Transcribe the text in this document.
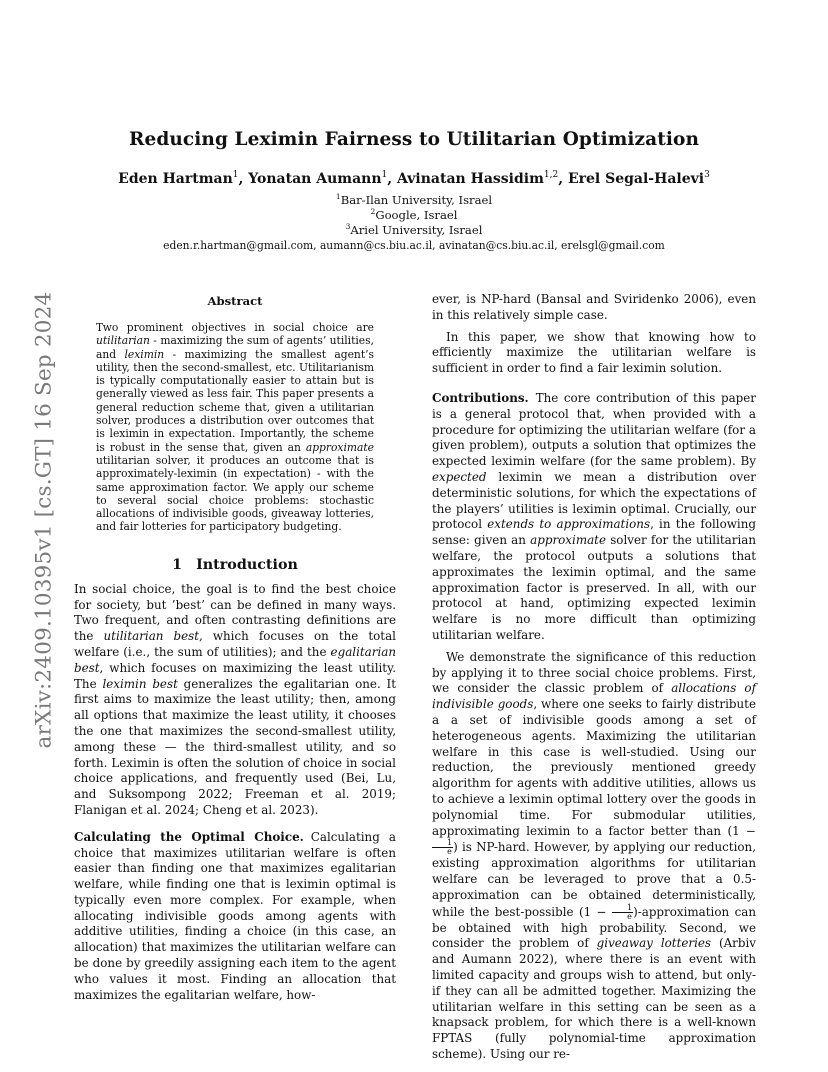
arXiv:2409.10395v1 [cs.GT] 16 Sep 2024
Reducing Leximin Fairness to Utilitarian Optimization
Eden Hartman$^1$, Yonatan Aumann$^1$, Avinatan Hassidim$^{1,2}$, Erel Segal-Halevi$^3$
$^1$Bar-Ilan University, Israel
$^2$Google, Israel
$^3$Ariel University, Israel
eden.r.hartman@gmail.com, aumann@cs.biu.ac.il, avinatan@cs.biu.ac.il, erelsgl@gmail.com
Abstract

Two prominent objectives in social choice are utilitarian - maximizing the sum of agents’ utilities, and leximin - maximizing the smallest agent’s utility, then the second-smallest, etc. Utilitarianism is typically computationally easier to attain but is generally viewed as less fair. This paper presents a general reduction scheme that, given a utilitarian solver, produces a distribution over outcomes that is leximin in expectation. Importantly, the scheme is robust in the sense that, given an approximate utilitarian solver, it produces an outcome that is approximately-leximin (in expectation) - with the same approximation factor. We apply our scheme to several social choice problems: stochastic allocations of indivisible goods, giveaway lotteries, and fair lotteries for participatory budgeting.

1 Introduction

In social choice, the goal is to find the best choice for society, but ’best’ can be defined in many ways. Two frequent, and often contrasting definitions are the utilitarian best, which focuses on the total welfare (i.e., the sum of utilities); and the egalitarian best, which focuses on maximizing the least utility. The leximin best generalizes the egalitarian one. It first aims to maximize the least utility; then, among all options that maximize the least utility, it chooses the one that maximizes the second-smallest utility, among these — the third-smallest utility, and so forth. Leximin is often the solution of choice in social choice applications, and frequently used (Bei, Lu, and Suksompong 2022; Freeman et al. 2019; Flanigan et al. 2024; Cheng et al. 2023).

Calculating the Optimal Choice. Calculating a choice that maximizes utilitarian welfare is often easier than finding one that maximizes egalitarian welfare, while finding one that is leximin optimal is typically even more complex. For example, when allocating indivisible goods among agents with additive utilities, finding a choice (in this case, an allocation) that maximizes the utilitarian welfare can be done by greedily assigning each item to the agent who values it most. Finding an allocation that maximizes the egalitarian welfare, how-

ever, is NP-hard (Bansal and Sviridenko 2006), even in this relatively simple case.

In this paper, we show that knowing how to efficiently maximize the utilitarian welfare is sufficient in order to find a fair leximin solution.

Contributions. The core contribution of this paper is a general protocol that, when provided with a procedure for optimizing the utilitarian welfare (for a given problem), outputs a solution that optimizes the expected leximin welfare (for the same problem). By expected leximin we mean a distribution over deterministic solutions, for which the expectations of the players’ utilities is leximin optimal. Crucially, our protocol extends to approximations, in the following sense: given an approximate solver for the utilitarian welfare, the protocol outputs a solutions that approximates the leximin optimal, and the same approximation factor is preserved. In all, with our protocol at hand, optimizing expected leximin welfare is no more difficult than optimizing utilitarian welfare.

We demonstrate the significance of this reduction by applying it to three social choice problems. First, we consider the classic problem of allocations of indivisible goods, where one seeks to fairly distribute a a set of indivisible goods among a set of heterogeneous agents. Maximizing the utilitarian welfare in this case is well-studied. Using our reduction, the previously mentioned greedy algorithm for agents with additive utilities, allows us to achieve a leximin optimal lottery over the goods in polynomial time. For submodular utilities, approximating leximin to a factor better than (1 −
$\frac{1}{e}$ ) is NP-hard. However, by applying our reduction, existing approximation algorithms for utilitarian welfare can be leveraged to prove that a 0.5-approximation can be obtained deterministically, while the best-possible ($1 - \frac{1}{e}$ )-approximation can be obtained with high probability. Second, we consider the problem of giveaway lotteries (Arbiv and Aumann 2022), where there is an event with limited capacity and groups wish to attend, but only-if they can all be admitted together. Maximizing the utilitarian welfare in this setting can be seen as a knapsack problem, for which there is a well-known FPTAS (fully polynomial-time approximation scheme). Using our re-
